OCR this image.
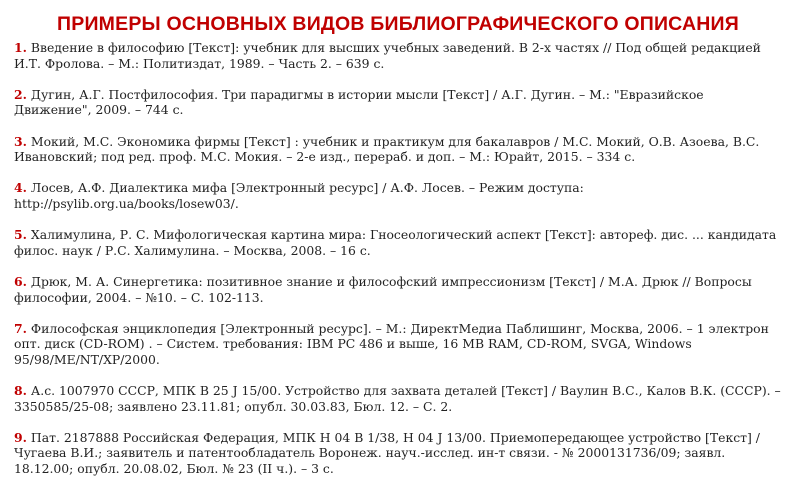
ПРИМЕРЫ ОСНОВНЫХ ВИДОВ БИБЛИОГРАФИЧЕСКОГО ОПИСАНИЯ
1. Введение в философию [Текст]: учебник для высших учебных заведений. В 2-х частях // Под общей редакцией И.Т. Фролова. – М.: Политиздат, 1989. – Часть 2. – 639 с.
2. Дугин, А.Г. Постфилософия. Три парадигмы в истории мысли [Текст] / А.Г. Дугин. – М.: "Евразийское Движение", 2009. – 744 с.
3. Мокий, М.С. Экономика фирмы [Текст] : учебник и практикум для бакалавров / М.С. Мокий, О.В. Азоева, В.С. Ивановский; под ред. проф. М.С. Мокия. – 2-е изд., перераб. и доп. – М.: Юрайт, 2015. – 334 с.
4. Лосев, А.Ф. Диалектика мифа [Электронный ресурс] / А.Ф. Лосев. – Режим доступа: http://psylib.org.ua/books/losew03/.
5. Халимулина, Р. С. Мифологическая картина мира: Гносеологический аспект [Текст]: автореф. дис. ... кандидата филос. наук / Р.С. Халимулина. – Москва, 2008. – 16 с.
6. Дрюк, М. А. Синергетика: позитивное знание и философский импрессионизм [Текст] / М.А. Дрюк // Вопросы философии, 2004. – №10. – С. 102-113.
7. Философская энциклопедия [Электронный ресурс]. – М.: ДиректМедиа Паблишинг, Москва, 2006. – 1 электрон опт. диск (CD-ROM) . – Систем. требования: IBM PC 486 и выше, 16 MB RAM, CD-ROM, SVGA, Windows 95/98/ME/NT/XP/2000.
8. А.с. 1007970 СССР, МПК B 25 J 15/00. Устройство для захвата деталей [Текст] / Ваулин В.С., Калов В.К. (СССР). – 3350585/25-08; заявлено 23.11.81; опубл. 30.03.83, Бюл. 12. – С. 2.
9. Пат. 2187888 Российская Федерация, МПК H 04 B 1/38, H 04 J 13/00. Приемопередающее устройство [Текст] / Чугаева В.И.; заявитель и патентообладатель Воронеж. науч.-исслед. ин-т связи. - № 2000131736/09; заявл. 18.12.00; опубл. 20.08.02, Бюл. № 23 (II ч.). – 3 с.
